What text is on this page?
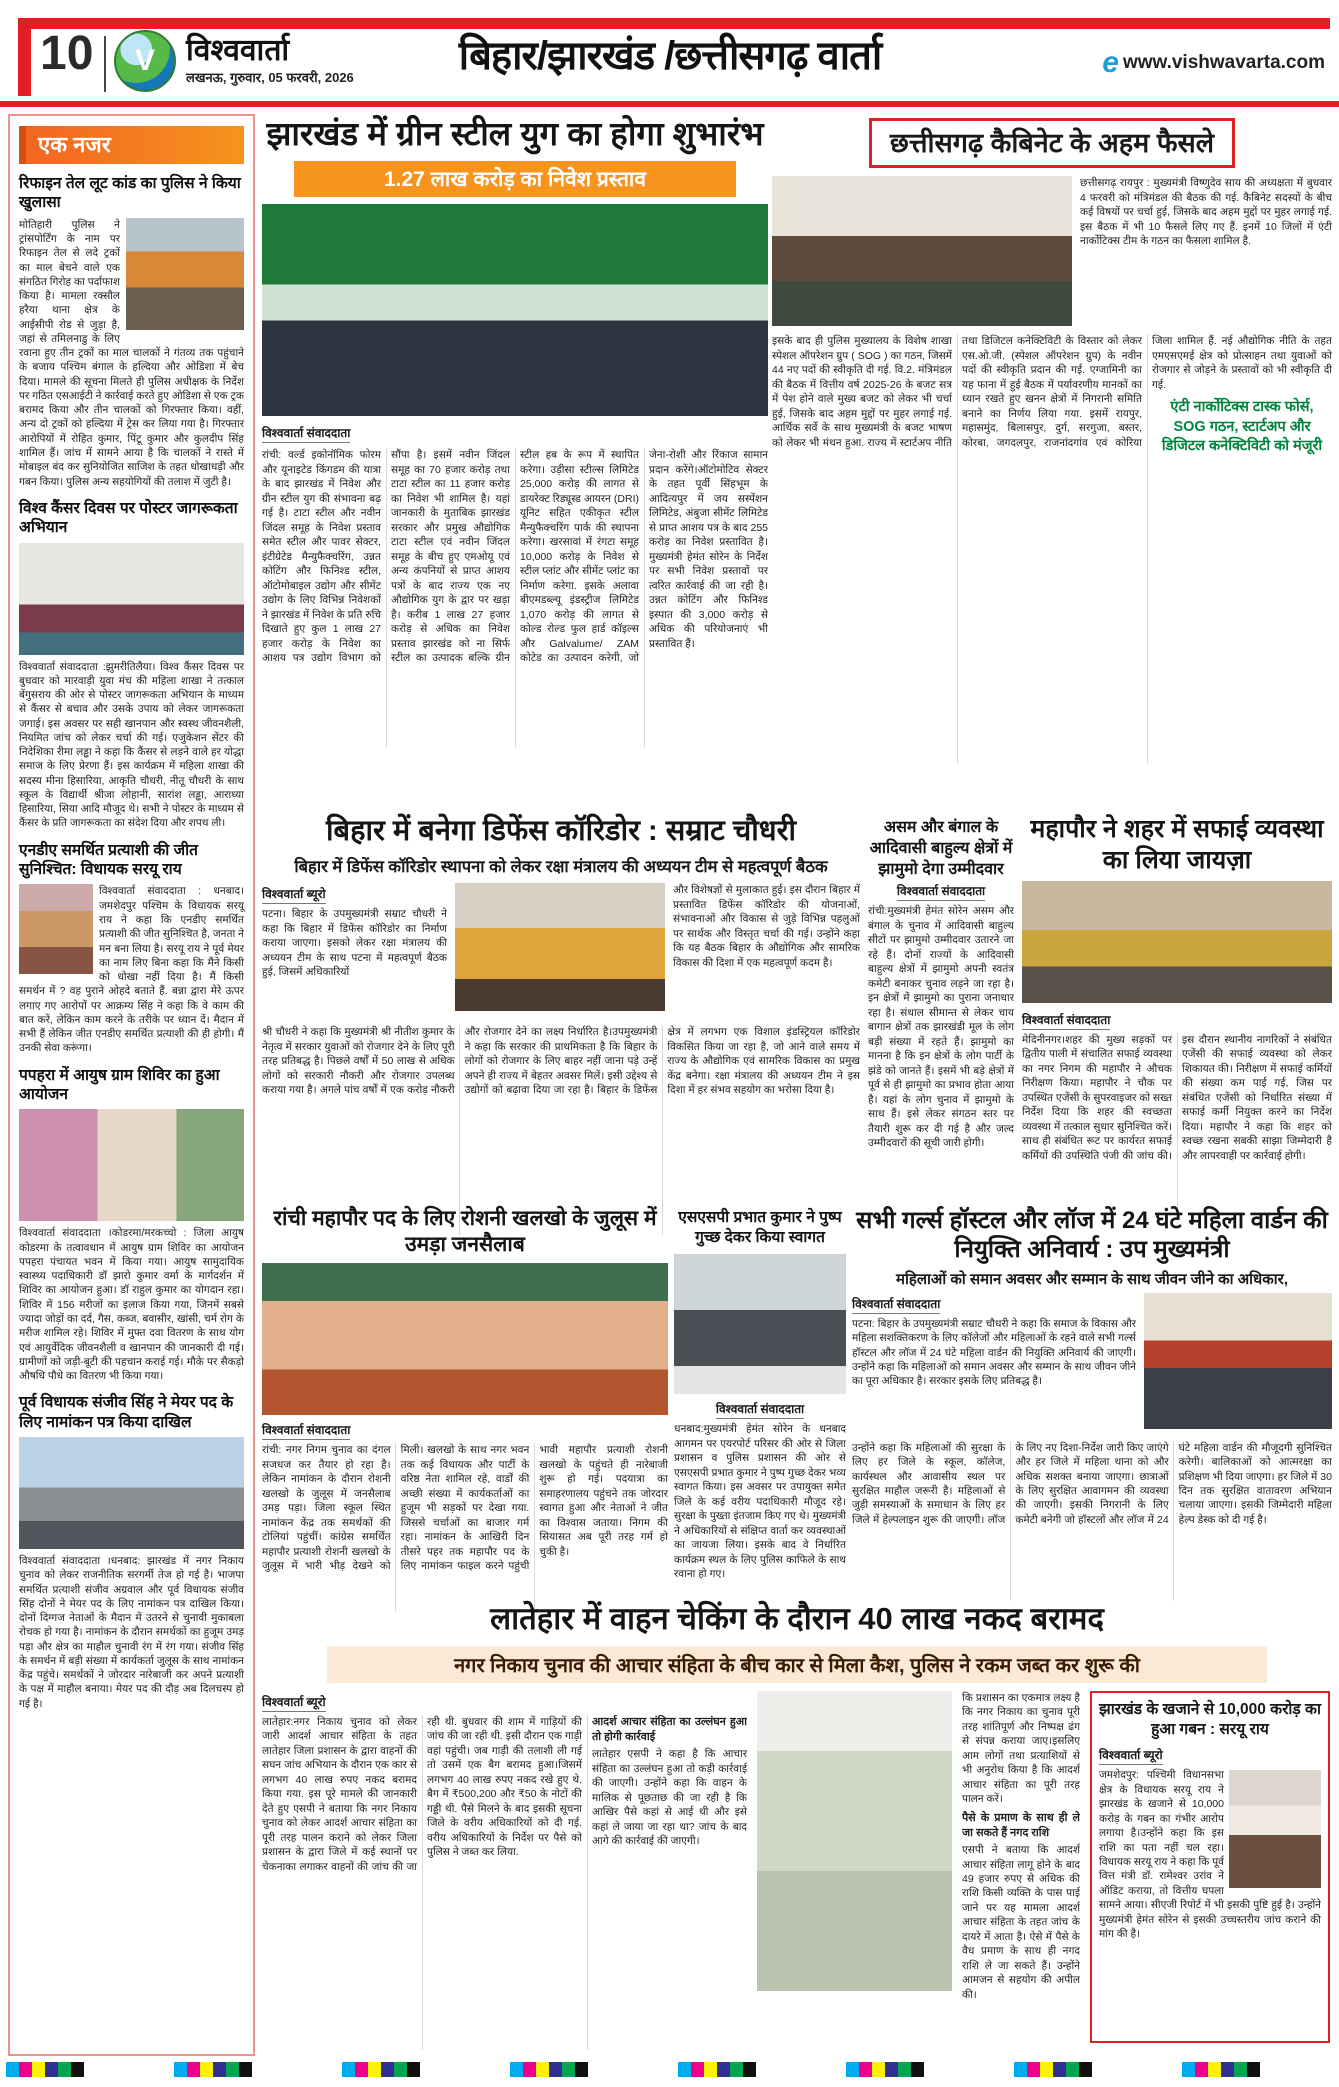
10 V विश्ववार्ता
लखनऊ, गुरुवार, 05 फरवरी, 2026	बिहार/झारखंड /छत्तीसगढ़ वार्ता	e www.vishwavarta.com
एक नजर
रिफाइन तेल लूट कांड का पुलिस ने किया खुलासा
मोतिहारी पुलिस ने ट्रांसपोर्टिंग के नाम पर रिफाइन तेल से लदे ट्रकों का माल बेचने वाले एक संगठित गिरोह का पर्दाफाश किया है। मामला रक्सौल हरैया थाना क्षेत्र के आईसीपी रोड से जुड़ा है, जहां से तमिलनाडु के लिए रवाना हुए तीन ट्रकों का माल चालकों ने गंतव्य तक पहुंचाने के बजाय पश्चिम बंगाल के हल्दिया और ओडिशा में बेच दिया। मामले की सूचना मिलते ही पुलिस अधीक्षक के निर्देश पर गठित एसआईटी ने कार्रवाई करते हुए ओडिशा से एक ट्रक बरामद किया और तीन चालकों को गिरफ्तार किया। वहीं, अन्य दो ट्रकों को हल्दिया में ट्रेस कर लिया गया है। गिरफ्तार आरोपियों में रोहित कुमार, पिंटू कुमार और कुलदीप सिंह शामिल हैं। जांच में सामने आया है कि चालकों ने रास्ते में मोबाइल बंद कर सुनियोजित साजिश के तहत धोखाधड़ी और गबन किया। पुलिस अन्य सहयोगियों की तलाश में जुटी है।
विश्व कैंसर दिवस पर पोस्टर जागरूकता अभियान
विश्ववार्ता संवाददाता :झुमरीतिलैया। विश्व कैंसर दिवस पर बुधवार को मारवाड़ी युवा मंच की महिला शाखा ने तत्काल बेंगुसराय की ओर से पोस्टर जागरूकता अभियान के माध्यम से कैंसर से बचाव और उसके उपाय को लेकर जागरूकता जगाई। इस अवसर पर सही खानपान और स्वस्थ जीवनशैली, नियमित जांच को लेकर चर्चा की गई। एजुकेशन सेंटर की निदेशिका रीमा लड्ढा ने कहा कि कैंसर से लड़ने वाले हर योद्धा समाज के लिए प्रेरणा हैं। इस कार्यक्रम में महिला शाखा की सदस्य मीना हिसारिया, आकृति चौधरी, नीतू चौधरी के साथ स्कूल के विद्यार्थी श्रीजा लोहानी, सारांश लड्ढा, आराध्या हिसारिया, सिया आदि मौजूद थे। सभी ने पोस्टर के माध्यम से कैंसर के प्रति जागरूकता का संदेश दिया और शपथ ली।
एनडीए समर्थित प्रत्याशी की जीत सुनिश्चित: विधायक सरयू राय
विश्ववार्ता संवाददाता : धनबाद। जमशेदपुर पश्चिम के विधायक सरयू राय ने कहा कि एनडीए समर्थित प्रत्याशी की जीत सुनिश्चित है, जनता ने मन बना लिया है। सरयू राय ने पूर्व मेयर का नाम लिए बिना कहा कि मैंने किसी को धोखा नहीं दिया है। मैं किसी समर्थन में ? वह पुराने ओहदे बताते हैं. बन्ना द्वारा मेरे ऊपर लगाए गए आरोपों पर आक्रम्य सिंह ने कहा कि वे काम की बात करें, लेकिन काम करने के तरीके पर ध्यान दें। मैदान में सभी हैं लेकिन जीत एनडीए समर्थित प्रत्याशी की ही होगी। मैं उनकी सेवा करूंगा।
पपहरा में आयुष ग्राम शिविर का हुआ आयोजन
विश्ववार्ता संवाददाता ।कोडरमा/मरकच्चो : जिला आयुष कोडरमा के तत्वावधान में आयुष ग्राम शिविर का आयोजन पपहरा पंचायत भवन में किया गया। आयुष सामुदायिक स्वास्थ्य पदाधिकारी डॉ झारो कुमार वर्मा के मार्गदर्शन में शिविर का आयोजन हुआ। डॉ राहुल कुमार का योगदान रहा। शिविर में 156 मरीजों का इलाज किया गया, जिनमें सबसे ज्यादा जोड़ों का दर्द, गैस, कब्ज, बवासीर, खांसी, चर्म रोग के मरीज शामिल रहे। शिविर में मुफ्त दवा वितरण के साथ योग एवं आयुर्वेदिक जीवनशैली व खानपान की जानकारी दी गई। ग्रामीणों को जड़ी-बूटी की पहचान कराई गई। मौके पर सैकड़ो औषधि पौधे का वितरण भी किया गया।
पूर्व विधायक संजीव सिंह ने मेयर पद के लिए नामांकन पत्र किया दाखिल
विश्ववार्ता संवाददाता ।धनबाद: झारखंड में नगर निकाय चुनाव को लेकर राजनीतिक सरगर्मी तेज हो गई है। भाजपा समर्थित प्रत्याशी संजीव अग्रवाल और पूर्व विधायक संजीव सिंह दोनों ने मेयर पद के लिए नामांकन पत्र दाखिल किया। दोनों दिग्गज नेताओं के मैदान में उतरने से चुनावी मुकाबला रोचक हो गया है। नामांकन के दौरान समर्थकों का हुजूम उमड़ पड़ा और क्षेत्र का माहौल चुनावी रंग में रंग गया। संजीव सिंह के समर्थन में बड़ी संख्या में कार्यकर्ता जुलूस के साथ नामांकन केंद्र पहुंचे। समर्थकों ने जोरदार नारेबाजी कर अपने प्रत्याशी के पक्ष में माहौल बनाया। मेयर पद की दौड़ अब दिलचस्प हो गई है।
झारखंड में ग्रीन स्टील युग का होगा शुभारंभ
1.27 लाख करोड़ का निवेश प्रस्ताव
विश्ववार्ता संवाददाता
रांची: वर्ल्ड इकोनॉमिक फोरम और यूनाइटेड किंगडम की यात्रा के बाद झारखंड में निवेश और ग्रीन स्टील युग की संभावना बढ़ गई है। टाटा स्टील और नवीन जिंदल समूह के निवेश प्रस्ताव समेत स्टील और पावर सेक्टर, इंटीग्रेटेड मैन्युफैक्चरिंग, उन्नत कोटिंग और फिनिश्ड स्टील, ऑटोमोबाइल उद्योग और सीमेंट उद्योग के लिए विभिन्न निवेशकों ने झारखंड में निवेश के प्रति रुचि दिखाते हुए कुल 1 लाख 27 हजार करोड़ के निवेश का आशय पत्र उद्योग विभाग को सौंपा है। इसमें नवीन जिंदल समूह का 70 हजार करोड़ तथा टाटा स्टील का 11 हजार करोड़ का निवेश भी शामिल है। यहां जानकारी के मुताबिक झारखंड सरकार और प्रमुख औद्योगिक टाटा स्टील एवं नवीन जिंदल समूह के बीच हुए एमओयू एवं अन्य कंपनियों से प्राप्त आशय पत्रों के बाद राज्य एक नए औद्योगिक युग के द्वार पर खड़ा है। करीब 1 लाख 27 हजार करोड़ से अधिक का निवेश प्रस्ताव झारखंड को ना सिर्फ स्टील का उत्पादक बल्कि ग्रीन स्टील हब के रूप में स्थापित करेगा। उड़ीसा स्टील्स लिमिटेड 25,000 करोड़ की लागत से डायरेक्ट रिड्यूस्ड आयरन (DRI) यूनिट सहित एकीकृत स्टील मैन्युफैक्चरिंग पार्क की स्थापना करेगा। खरसावां में रंगटा समूह 10,000 करोड़ के निवेश से स्टील प्लांट और सीमेंट प्लांट का निर्माण करेगा. इसके अलावा बीएमडब्ल्यू इंडस्ट्रीज लिमिटेड 1,070 करोड़ की लागत से कोल्ड रोल्ड फुल हार्ड कॉइल्स और Galvalume/ ZAM कोटेड का उत्पादन करेगी, जो जेना-रोशी और रिंकाज सामान प्रदान करेंगे।ऑटोमोटिव सेक्टर के तहत पूर्वी सिंहभूम के आदित्यपुर में जय सस्पेंशन लिमिटेड, अंबुजा सीमेंट लिमिटेड से प्राप्त आशय पत्र के बाद 255 करोड़ का निवेश प्रस्तावित है। मुख्यमंत्री हेमंत सोरेन के निर्देश पर सभी निवेश प्रस्तावों पर त्वरित कार्रवाई की जा रही है। उन्नत कोटिंग और फिनिश्ड इस्पात की 3,000 करोड़ से अधिक की परियोजनाएं भी प्रस्तावित हैं।
छत्तीसगढ़ कैबिनेट के अहम फैसले
छत्तीसगढ़ रायपुर : मुख्यमंत्री विष्णुदेव साय की अध्यक्षता में बुधवार 4 फरवरी को मंत्रिमंडल की बैठक की गई. कैबिनेट सदस्यों के बीच कई विषयों पर चर्चा हुई, जिसके बाद अहम मुद्दों पर मुहर लगाई गई. इस बैठक में भी 10 फैसले लिए गए हैं. इनमें 10 जिलों में एंटी नार्कोटिक्स टीम के गठन का फैसला शामिल है.
इसके बाद ही पुलिस मुख्यालय के विशेष शाखा स्पेशल ऑपरेशन ग्रुप ( SOG ) का गठन, जिसमें 44 नए पदों की स्वीकृति दी गई. वि.2. मंत्रिमंडल की बैठक में वित्तीय वर्ष 2025-26 के बजट सत्र में पेश होने वाले मुख्य बजट को लेकर भी चर्चा हुई, जिसके बाद अहम मुद्दों पर मुहर लगाई गई. आर्थिक सर्वे के साथ मुख्यमंत्री के बजट भाषण को लेकर भी मंथन हुआ. राज्य में स्टार्टअप नीति तथा डिजिटल कनेक्टिविटी के विस्तार को लेकर एस.ओ.जी. (स्पेशल ऑपरेशन ग्रुप) के नवीन पदों की स्वीकृति प्रदान की गई. एग्जामिनी का यह फाना में हुई बैठक में पर्यावरणीय मानकों का ध्यान रखते हुए खनन क्षेत्रों में निगरानी समिति बनाने का निर्णय लिया गया. इसमें रायपुर, महासमुंद, बिलासपुर, दुर्ग, सरगुजा, बस्तर, कोरबा, जगदलपुर, राजनांदगांव एवं कोरिया जिला शामिल हैं. नई औद्योगिक नीति के तहत एमएसएमई क्षेत्र को प्रोत्साहन तथा युवाओं को रोजगार से जोड़ने के प्रस्तावों को भी स्वीकृति दी गई.
एंटी नार्कोटिक्स टास्क फोर्स, SOG गठन, स्टार्टअप और डिजिटल कनेक्टिविटी को मंजूरी
बिहार में बनेगा डिफेंस कॉरिडोर : सम्राट चौधरी
बिहार में डिफेंस कॉरिडोर स्थापना को लेकर रक्षा मंत्रालय की अध्ययन टीम से महत्वपूर्ण बैठक
विश्ववार्ता ब्यूरो
पटना। बिहार के उपमुख्यमंत्री सम्राट चौधरी ने कहा कि बिहार में डिफेंस कॉरिडोर का निर्माण कराया जाएगा। इसको लेकर रक्षा मंत्रालय की अध्ययन टीम के साथ पटना में महत्वपूर्ण बैठक हुई, जिसमें अधिकारियों
और विशेषज्ञों से मुलाकात हुई। इस दौरान बिहार में प्रस्तावित डिफेंस कॉरिडोर की योजनाओं, संभावनाओं और विकास से जुड़े विभिन्न पहलुओं पर सार्थक और विस्तृत चर्चा की गई। उन्होंने कहा कि यह बैठक बिहार के औद्योगिक और सामरिक विकास की दिशा में एक महत्वपूर्ण कदम है।
श्री चौधरी ने कहा कि मुख्यमंत्री श्री नीतीश कुमार के नेतृत्व में सरकार युवाओं को रोजगार देने के लिए पूरी तरह प्रतिबद्ध है। पिछले वर्षों में 50 लाख से अधिक लोगों को सरकारी नौकरी और रोजगार उपलब्ध कराया गया है। अगले पांच वर्षों में एक करोड़ नौकरी और रोजगार देने का लक्ष्य निर्धारित है।उपमुख्यमंत्री ने कहा कि सरकार की प्राथमिकता है कि बिहार के लोगों को रोजगार के लिए बाहर नहीं जाना पड़े उन्हें अपने ही राज्य में बेहतर अवसर मिलें। इसी उद्देश्य से उद्योगों को बढ़ावा दिया जा रहा है। बिहार के डिफेंस क्षेत्र में लगभग एक विशाल इंडस्ट्रियल कॉरिडोर विकसित किया जा रहा है, जो आने वाले समय में राज्य के औद्योगिक एवं सामरिक विकास का प्रमुख केंद्र बनेगा। रक्षा मंत्रालय की अध्ययन टीम ने इस दिशा में हर संभव सहयोग का भरोसा दिया है।
असम और बंगाल के आदिवासी बाहुल्य क्षेत्रों में झामुमो देगा उम्मीदवार
विश्ववार्ता संवाददाता
रांची:मुख्यमंत्री हेमंत सोरेन असम और बंगाल के चुनाव में आदिवासी बाहुल्य सीटों पर झामुमो उम्मीदवार उतारने जा रहे हैं। दोनों राज्यों के आदिवासी बाहुल्य क्षेत्रों में झामुमो अपनी स्वतंत्र कमेटी बनाकर चुनाव लड़ने जा रहा है। इन क्षेत्रों में झामुमो का पुराना जनाधार रहा है। संथाल सीमान्त से लेकर चाय बागान क्षेत्रों तक झारखंडी मूल के लोग बड़ी संख्या में रहते हैं। झामुमो का मानना है कि इन क्षेत्रों के लोग पार्टी के झंडे को जानते हैं। इसमें भी बड़े क्षेत्रों में पूर्व से ही झामुमो का प्रभाव होता आया है। यहां के लोग चुनाव में झामुमो के साथ हैं। इसे लेकर संगठन स्तर पर तैयारी शुरू कर दी गई है और जल्द उम्मीदवारों की सूची जारी होगी।
महापौर ने शहर में सफाई व्यवस्था का लिया जायज़ा
विश्ववार्ता संवाददाता
मेदिनीनगर।शहर की मुख्य सड़कों पर द्वितीय पाली में संचालित सफाई व्यवस्था का नगर निगम की महापौर ने औचक निरीक्षण किया। महापौर ने चौक पर उपस्थित एजेंसी के सुपरवाइजर को सख्त निर्देश दिया कि शहर की स्वच्छता व्यवस्था में तत्काल सुधार सुनिश्चित करें। साथ ही संबंधित रूट पर कार्यरत सफाई कर्मियों की उपस्थिति पंजी की जांच की। इस दौरान स्थानीय नागरिकों ने संबंधित एजेंसी की सफाई व्यवस्था को लेकर शिकायत की। निरीक्षण में सफाई कर्मियों की संख्या कम पाई गई, जिस पर संबंधित एजेंसी को निर्धारित संख्या में सफाई कर्मी नियुक्त करने का निर्देश दिया। महापौर ने कहा कि शहर को स्वच्छ रखना सबकी साझा जिम्मेदारी है और लापरवाही पर कार्रवाई होगी।
रांची महापौर पद के लिए रोशनी खलखो के जुलूस में उमड़ा जनसैलाब
विश्ववार्ता संवाददाता
रांची: नगर निगम चुनाव का दंगल सजधज कर तैयार हो रहा है।लेकिन नामांकन के दौरान रोशनी खलखो के जुलूस में जनसैलाब उमड़ पड़ा। जिला स्कूल स्थित नामांकन केंद्र तक समर्थकों की टोलियां पहुंचीं। कांग्रेस समर्थित महापौर प्रत्याशी रोशनी खलखो के जुलूस में भारी भीड़ देखने को मिली। खलखो के साथ नगर भवन तक कई विधायक और पार्टी के वरिष्ठ नेता शामिल रहे, वार्डों की अच्छी संख्या में कार्यकर्ताओं का हुजूम भी सड़कों पर देखा गया. जिससे चर्चाओं का बाजार गर्म रहा। नामांकन के आखिरी दिन तीसरे पहर तक महापौर पद के लिए नामांकन फाइल करने पहुंची भावी महापौर प्रत्याशी रोशनी खलखो के पहुंचते ही नारेबाजी शुरू हो गई। पदयात्रा का समाहरणालय पहुंचने तक जोरदार स्वागत हुआ और नेताओं ने जीत का विश्वास जताया। निगम की सियासत अब पूरी तरह गर्म हो चुकी है।
एसएसपी प्रभात कुमार ने पुष्प गुच्छ देकर किया स्वागत
विश्ववार्ता संवाददाता
धनबाद:मुख्यमंत्री हेमंत सोरेन के धनबाद आगमन पर एयरपोर्ट परिसर की ओर से जिला प्रशासन व पुलिस प्रशासन की ओर से एसएसपी प्रभात कुमार ने पुष्प गुच्छ देकर भव्य स्वागत किया। इस अवसर पर उपायुक्त समेत जिले के कई वरीय पदाधिकारी मौजूद रहे। सुरक्षा के पुख्ता इंतजाम किए गए थे। मुख्यमंत्री ने अधिकारियों से संक्षिप्त वार्ता कर व्यवस्थाओं का जायजा लिया। इसके बाद वे निर्धारित कार्यक्रम स्थल के लिए पुलिस काफिले के साथ रवाना हो गए।
सभी गर्ल्स हॉस्टल और लॉज में 24 घंटे महिला वार्डन की नियुक्ति अनिवार्य : उप मुख्यमंत्री
महिलाओं को समान अवसर और सम्मान के साथ जीवन जीने का अधिकार,
विश्ववार्ता संवाददाता
पटना: बिहार के उपमुख्यमंत्री सम्राट चौधरी ने कहा कि समाज के विकास और महिला सशक्तिकरण के लिए कॉलेजों और महिलाओं के रहने वाले सभी गर्ल्स हॉस्टल और लॉज में 24 घंटे महिला वार्डन की नियुक्ति अनिवार्य की जाएगी। उन्होंने कहा कि महिलाओं को समान अवसर और सम्मान के साथ जीवन जीने का पूरा अधिकार है। सरकार इसके लिए प्रतिबद्ध है।
उन्होंने कहा कि महिलाओं की सुरक्षा के लिए हर जिले के स्कूल, कॉलेज, कार्यस्थल और आवासीय स्थल पर सुरक्षित माहौल जरूरी है। महिलाओं से जुड़ी समस्याओं के समाधान के लिए हर जिले में हेल्पलाइन शुरू की जाएगी। लॉज के लिए नए दिशा-निर्देश जारी किए जाएंगे और हर जिले में महिला थाना को और अधिक सशक्त बनाया जाएगा। छात्राओं के लिए सुरक्षित आवागमन की व्यवस्था की जाएगी। इसकी निगरानी के लिए कमेटी बनेगी जो हॉस्टलों और लॉज में 24 घंटे महिला वार्डन की मौजूदगी सुनिश्चित करेगी। बालिकाओं को आत्मरक्षा का प्रशिक्षण भी दिया जाएगा। हर जिले में 30 दिन तक सुरक्षित वातावरण अभियान चलाया जाएगा। इसकी जिम्मेदारी महिला हेल्प डेस्क को दी गई है।
लातेहार में वाहन चेकिंग के दौरान 40 लाख नकद बरामद
नगर निकाय चुनाव की आचार संहिता के बीच कार से मिला कैश, पुलिस ने रकम जब्त कर शुरू की
विश्ववार्ता ब्यूरो
लातेहार:नगर निकाय चुनाव को लेकर जारी आदर्श आचार संहिता के तहत लातेहार जिला प्रशासन के द्वारा वाहनों की सघन जांच अभियान के दौरान एक कार से लगभग 40 लाख रुपए नकद बरामद किया गया. इस पूरे मामले की जानकारी देते हुए एसपी ने बताया कि नगर निकाय चुनाव को लेकर आदर्श आचार संहिता का पूरी तरह पालन कराने को लेकर जिला प्रशासन के द्वारा जिले में कई स्थानों पर चेकनाका लगाकर वाहनों की जांच की जा रही थी. बुधवार की शाम में गाड़ियों की जांच की जा रही थी. इसी दौरान एक गाड़ी वहां पहुंची। जब गाड़ी की तलाशी ली गई तो उसमें एक बैग बरामद हुआ।जिसमें लगभग 40 लाख रुपए नकद रखे हुए थे. बैग में ₹500,200 और ₹50 के नोटों की गड्डी थी. पैसे मिलने के बाद इसकी सूचना जिले के वरीय अधिकारियों को दी गई. वरीय अधिकारियों के निर्देश पर पैसे को पुलिस ने जब्त कर लिया.
आदर्श आचार संहिता का उल्लंघन हुआ तो होगी कार्रवाई
लातेहार एसपी ने कहा है कि आचार संहिता का उल्लंघन हुआ तो कड़ी कार्रवाई की जाएगी। उन्होंने कहा कि वाहन के मालिक से पूछताछ की जा रही है कि आखिर पैसे कहां से आई थी और इसे कहां ले जाया जा रहा था? जांच के बाद आगे की कार्रवाई की जाएगी।
कि प्रशासन का एकमात्र लक्ष्य है कि नगर निकाय का चुनाव पूरी तरह शांतिपूर्ण और निष्पक्ष ढंग से संपन्न कराया जाए।इसलिए आम लोगों तथा प्रत्याशियों से भी अनुरोध किया है कि आदर्श आचार संहिता का पूरी तरह पालन करें।
पैसे के प्रमाण के साथ ही ले जा सकते हैं नगद राशि
एसपी ने बताया कि आदर्श आचार संहिता लागू होने के बाद 49 हजार रुपए से अधिक की राशि किसी व्यक्ति के पास पाई जाने पर यह मामला आदर्श आचार संहिता के तहत जांच के दायरे में आता है। ऐसे में पैसे के वैध प्रमाण के साथ ही नगद राशि ले जा सकते हैं। उन्होंने आमजन से सहयोग की अपील की।
झारखंड के खजाने से 10,000 करोड़ का हुआ गबन : सरयू राय
विश्ववार्ता ब्यूरो
जमशेदपुर: पश्चिमी विधानसभा क्षेत्र के विधायक सरयू राय ने झारखंड के खजाने से 10,000 करोड़ के गबन का गंभीर आरोप लगाया है।उन्होंने कहा कि इस राशि का पता नहीं चल रहा। विधायक सरयू राय ने कहा कि पूर्व वित्त मंत्री डॉ. रामेश्वर उरांव ने ऑडिट कराया, तो वित्तीय घपला सामने आया। सीएजी रिपोर्ट में भी इसकी पुष्टि हुई है। उन्होंने मुख्यमंत्री हेमंत सोरेन से इसकी उच्चस्तरीय जांच कराने की मांग की है।
